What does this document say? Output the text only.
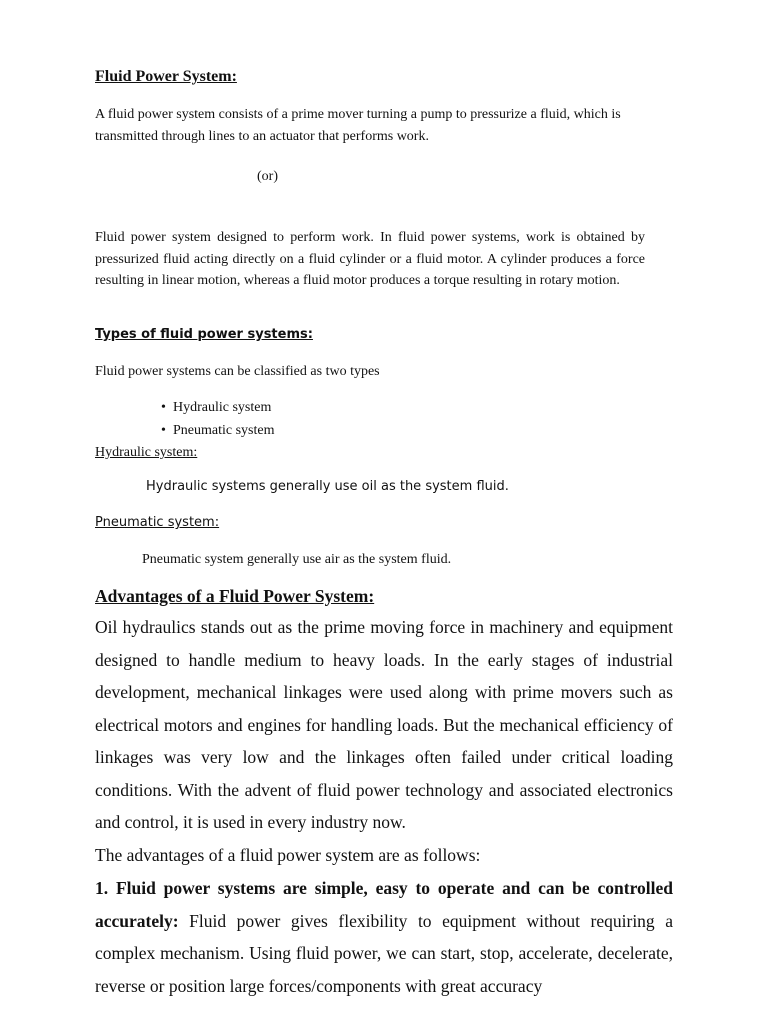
Fluid Power System:
A fluid power system consists of a prime mover turning a pump to pressurize a fluid, which is transmitted through lines to an actuator that performs work.
(or)
Fluid power system designed to perform work. In fluid power systems, work is obtained by pressurized fluid acting directly on a fluid cylinder or a fluid motor. A cylinder produces a force resulting in linear motion, whereas a fluid motor produces a torque resulting in rotary motion.
Types of fluid power systems:
Fluid power systems can be classified as two types
• Hydraulic system
• Pneumatic system
Hydraulic system:
Hydraulic systems generally use oil as the system fluid.
Pneumatic system:
Pneumatic system generally use air as the system fluid.
Advantages of a Fluid Power System:
Oil hydraulics stands out as the prime moving force in machinery and equipment designed to handle medium to heavy loads. In the early stages of industrial development, mechanical linkages were used along with prime movers such as electrical motors and engines for handling loads. But the mechanical efficiency of linkages was very low and the linkages often failed under critical loading conditions. With the advent of fluid power technology and associated electronics and control, it is used in every industry now.
The advantages of a fluid power system are as follows:
1. Fluid power systems are simple, easy to operate and can be controlled accurately: Fluid power gives flexibility to equipment without requiring a complex mechanism. Using fluid power, we can start, stop, accelerate, decelerate, reverse or position large forces/components with great accuracy
